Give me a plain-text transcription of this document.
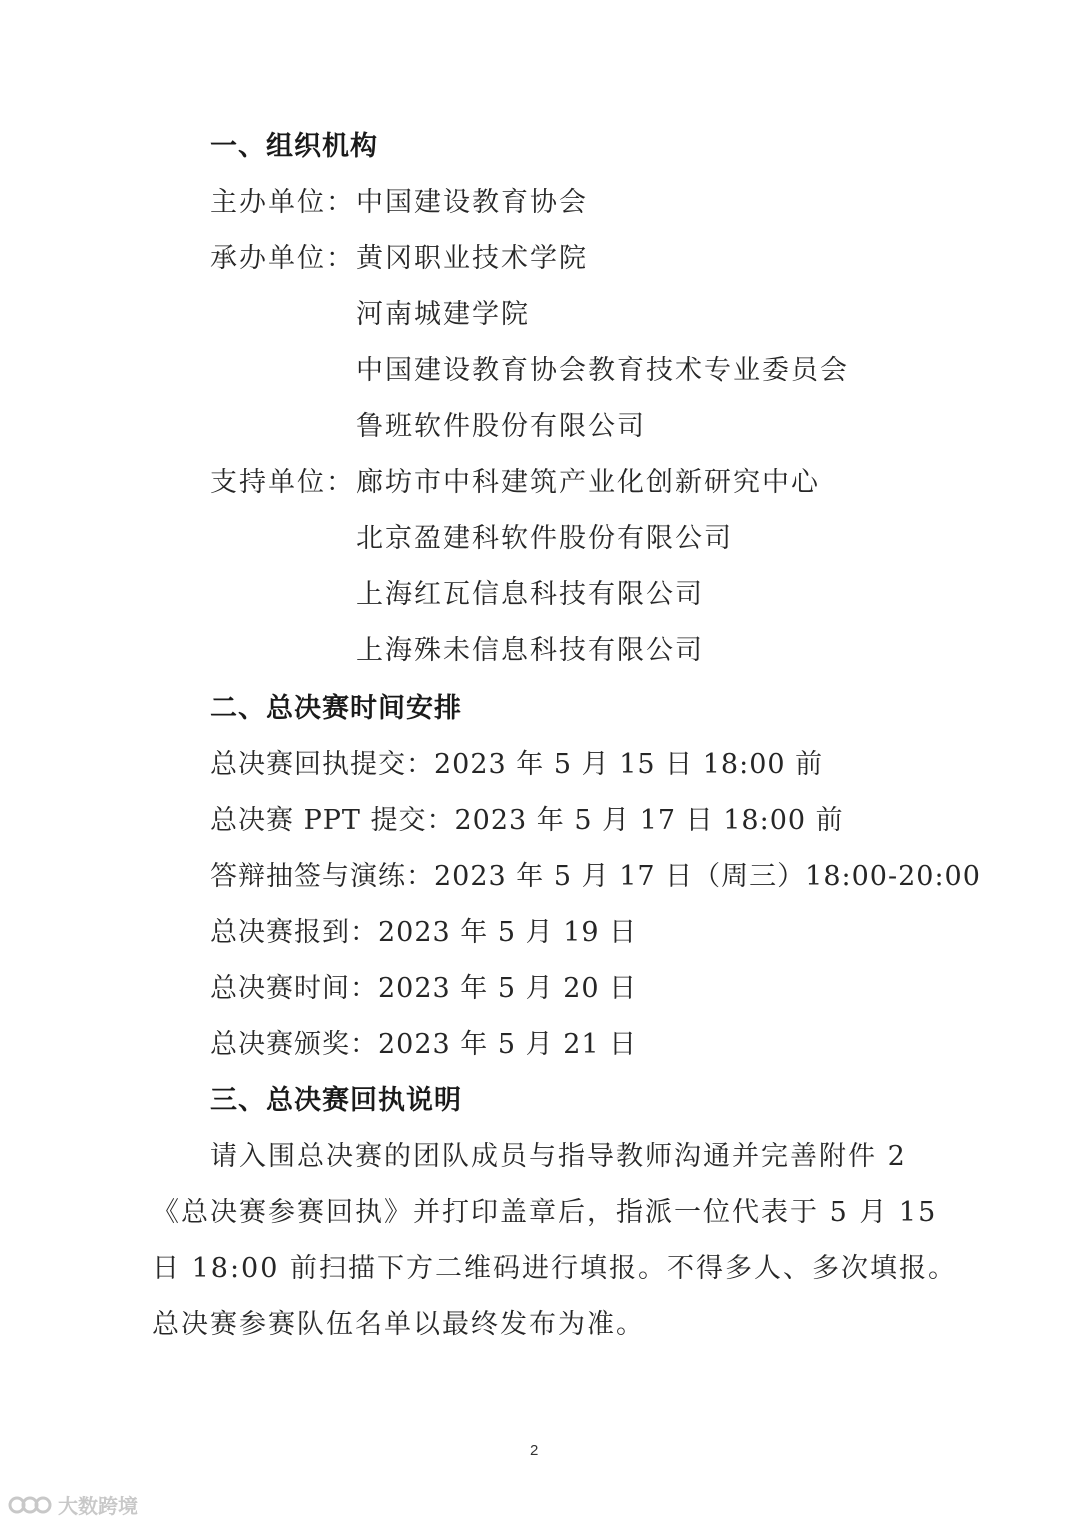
一、组织机构
主办单位： 中国建设教育协会
承办单位： 黄冈职业技术学院
河南城建学院
中国建设教育协会教育技术专业委员会
鲁班软件股份有限公司
支持单位： 廊坊市中科建筑产业化创新研究中心
北京盈建科软件股份有限公司
上海红瓦信息科技有限公司
上海殊未信息科技有限公司
二、总决赛时间安排
总决赛回执提交：2023 年 5 月 15 日 18:00 前
总决赛 PPT 提交：2023 年 5 月 17 日 18:00 前
答辩抽签与演练：2023 年 5 月 17 日（周三）18:00-20:00
总决赛报到：2023 年 5 月 19 日
总决赛时间：2023 年 5 月 20 日
总决赛颁奖：2023 年 5 月 21 日
三、总决赛回执说明
请入围总决赛的团队成员与指导教师沟通并完善附件 2
《总决赛参赛回执》并打印盖章后，指派一位代表于 5 月 15
日 18:00 前扫描下方二维码进行填报。不得多人、多次填报。
总决赛参赛队伍名单以最终发布为准。
2
大数跨境
